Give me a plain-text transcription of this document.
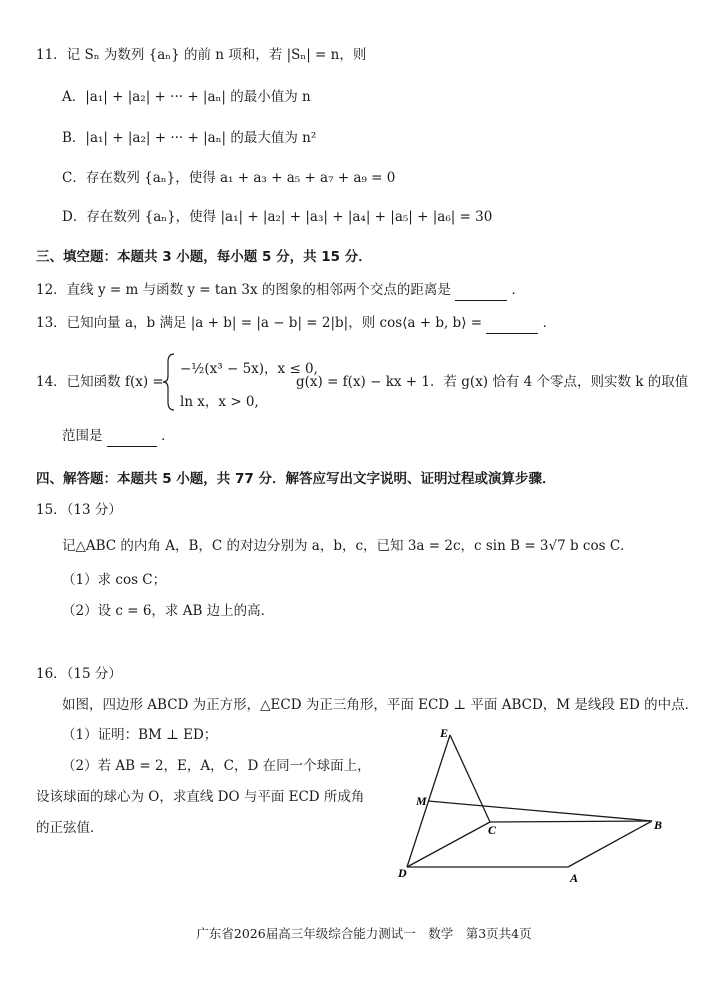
11．记 Sₙ 为数列 {aₙ} 的前 n 项和，若 |Sₙ| = n，则
A．|a₁| + |a₂| + ··· + |aₙ| 的最小值为 n
B．|a₁| + |a₂| + ··· + |aₙ| 的最大值为 n²
C．存在数列 {aₙ}，使得 a₁ + a₃ + a₅ + a₇ + a₉ = 0
D．存在数列 {aₙ}，使得 |a₁| + |a₂| + |a₃| + |a₄| + |a₅| + |a₆| = 30
三、填空题：本题共 3 小题，每小题 5 分，共 15 分．
12．直线 y = m 与函数 y = tan 3x 的图象的相邻两个交点的距离是	．
13．已知向量 a，b 满足 |a + b| = |a − b| = 2|b|，则 cos⟨a + b, b⟩ =	．
14．已知函数 f(x) =
−½(x³ − 5x)，x ≤ 0,
ln x，x > 0,
g(x) = f(x) − kx + 1．若 g(x) 恰有 4 个零点，则实数 k 的取值
范围是	．
四、解答题：本题共 5 小题，共 77 分．解答应写出文字说明、证明过程或演算步骤．
15．（13 分）
记△ABC 的内角 A，B，C 的对边分别为 a，b，c，已知 3a = 2c，c sin B = 3√7 b cos C．
（1）求 cos C；
（2）设 c = 6，求 AB 边上的高．
16．（15 分）
如图，四边形 ABCD 为正方形，△ECD 为正三角形，平面 ECD ⊥ 平面 ABCD，M 是线段 ED 的中点．
（1）证明：BM ⊥ ED；
（2）若 AB = 2，E，A，C，D 在同一个球面上，
设该球面的球心为 O，求直线 DO 与平面 ECD 所成角
的正弦值．
E
M
C	B
D	A
广东省2026届高三年级综合能力测试一　数学　第3页共4页
